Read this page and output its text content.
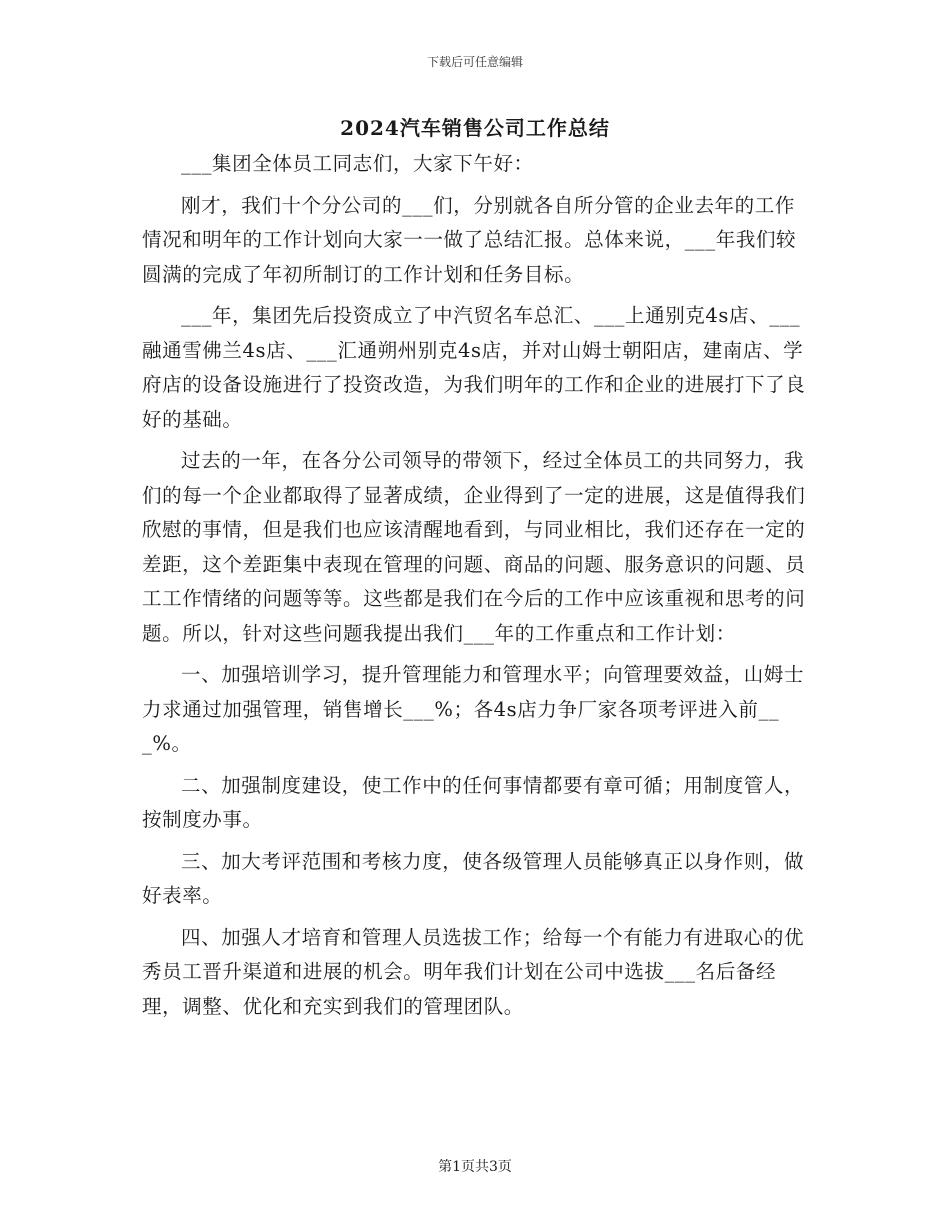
下载后可任意编辑
2024汽车销售公司工作总结

___集团全体员工同志们，大家下午好：

刚才，我们十个分公司的___们，分别就各自所分管的企业去年的工作情况和明年的工作计划向大家一一做了总结汇报。总体来说，___年我们较圆满的完成了年初所制订的工作计划和任务目标。

___年，集团先后投资成立了中汽贸名车总汇、___上通别克4s店、___融通雪佛兰4s店、___汇通朔州别克4s店，并对山姆士朝阳店，建南店、学府店的设备设施进行了投资改造，为我们明年的工作和企业的进展打下了良好的基础。

过去的一年，在各分公司领导的带领下，经过全体员工的共同努力，我们的每一个企业都取得了显著成绩，企业得到了一定的进展，这是值得我们欣慰的事情，但是我们也应该清醒地看到，与同业相比，我们还存在一定的差距，这个差距集中表现在管理的问题、商品的问题、服务意识的问题、员工工作情绪的问题等等。这些都是我们在今后的工作中应该重视和思考的问题。所以，针对这些问题我提出我们___年的工作重点和工作计划：

一、加强培训学习，提升管理能力和管理水平；向管理要效益，山姆士力求通过加强管理，销售增长___%；各4s店力争厂家各项考评进入前___%。

二、加强制度建设，使工作中的任何事情都要有章可循；用制度管人，按制度办事。

三、加大考评范围和考核力度，使各级管理人员能够真正以身作则，做好表率。

四、加强人才培育和管理人员选拔工作；给每一个有能力有进取心的优秀员工晋升渠道和进展的机会。明年我们计划在公司中选拔___名后备经理，调整、优化和充实到我们的管理团队。

第1页共3页
